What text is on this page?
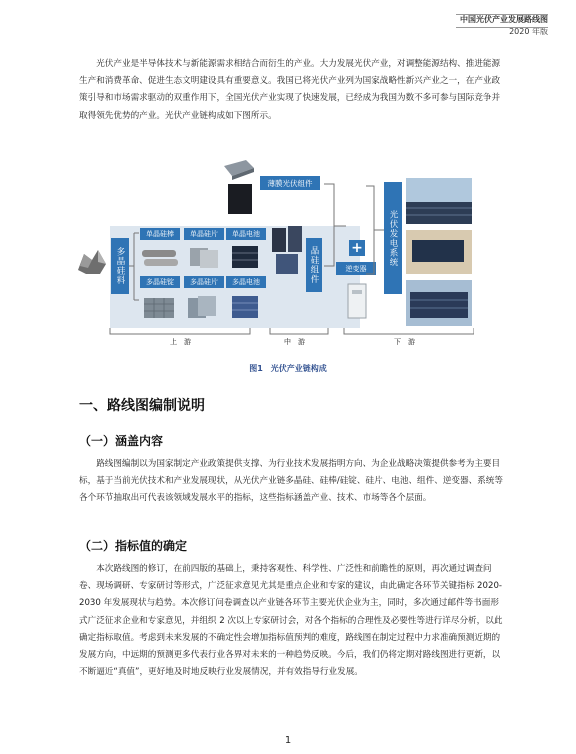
中国光伏产业发展路线图
2020 年版
光伏产业是半导体技术与新能源需求相结合而衍生的产业。大力发展光伏产业，对调整能源结构、推进能源生产和消费革命、促进生态文明建设具有重要意义。我国已将光伏产业列为国家战略性新兴产业之一，在产业政策引导和市场需求驱动的双重作用下，全国光伏产业实现了快速发展，已经成为我国为数不多可参与国际竞争并取得领先优势的产业。光伏产业链构成如下图所示。
多晶硅料
单晶硅棒	单晶硅片	单晶电池
多晶硅锭	多晶硅片	多晶电池	晶硅组件
薄膜光伏组件
+
逆变器
光伏发电系统
上　游	中　游	下　游
图1　光伏产业链构成
一、路线图编制说明
（一）涵盖内容
路线图编制以为国家制定产业政策提供支撑、为行业技术发展指明方向、为企业战略决策提供参考为主要目标，基于当前光伏技术和产业发展现状，从光伏产业链多晶硅、硅棒/硅锭、硅片、电池、组件、逆变器、系统等各个环节抽取出可代表该领域发展水平的指标，这些指标涵盖产业、技术、市场等各个层面。
（二）指标值的确定
本次路线图的修订，在前四版的基础上，秉持客观性、科学性、广泛性和前瞻性的原则，再次通过调查问卷、现场调研、专家研讨等形式，广泛征求意见尤其是重点企业和专家的建议，由此确定各环节关键指标 2020-2030 年发展现状与趋势。本次修订问卷调查以产业链各环节主要光伏企业为主，同时，多次通过邮件等书面形式广泛征求企业和专家意见，并组织 2 次以上专家研讨会，对各个指标的合理性及必要性等进行详尽分析，以此确定指标取值。考虑到未来发展的不确定性会增加指标值预判的难度，路线图在制定过程中力求准确预测近期的发展方向，中远期的预测更多代表行业各界对未来的一种趋势反映。今后，我们仍将定期对路线图进行更新，以不断逼近“真值”，更好地及时地反映行业发展情况，并有效指导行业发展。
1
